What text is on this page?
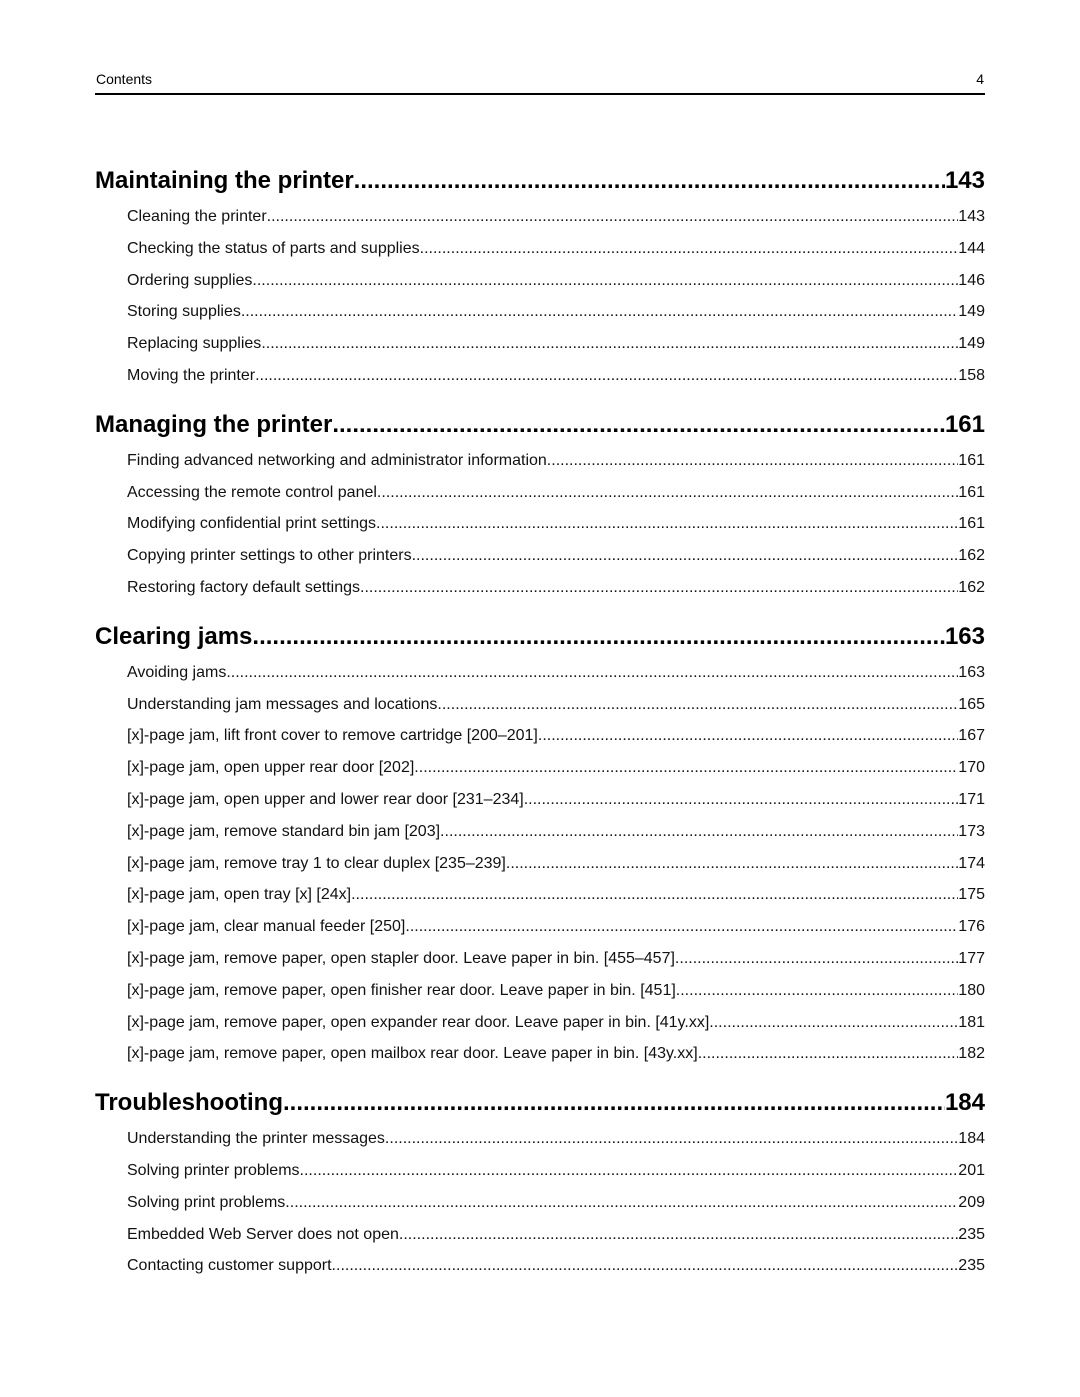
Contents	4
Maintaining the printer .....	143
Cleaning the printer .....	143
Checking the status of parts and supplies .....	144
Ordering supplies .....	146
Storing supplies .....	149
Replacing supplies .....	149
Moving the printer .....	158
Managing the printer .....	161
Finding advanced networking and administrator information .....	161
Accessing the remote control panel .....	161
Modifying confidential print settings .....	161
Copying printer settings to other printers .....	162
Restoring factory default settings .....	162
Clearing jams .....	163
Avoiding jams .....	163
Understanding jam messages and locations .....	165
[x]‑page jam, lift front cover to remove cartridge [200–201] .....	167
[x]‑page jam, open upper rear door [202] .....	170
[x]‑page jam, open upper and lower rear door [231–234] .....	171
[x]‑page jam, remove standard bin jam [203] .....	173
[x]‑page jam, remove tray 1 to clear duplex [235–239] .....	174
[x]‑page jam, open tray [x] [24x] .....	175
[x]‑page jam, clear manual feeder [250] .....	176
[x]‑page jam, remove paper, open stapler door. Leave paper in bin. [455–457] .....	177
[x]‑page jam, remove paper, open finisher rear door. Leave paper in bin. [451] .....	180
[x]‑page jam, remove paper, open expander rear door. Leave paper in bin. [41y.xx] .....	181
[x]‑page jam, remove paper, open mailbox rear door. Leave paper in bin. [43y.xx] .....	182
Troubleshooting .....	184
Understanding the printer messages .....	184
Solving printer problems .....	201
Solving print problems .....	209
Embedded Web Server does not open .....	235
Contacting customer support .....	235
